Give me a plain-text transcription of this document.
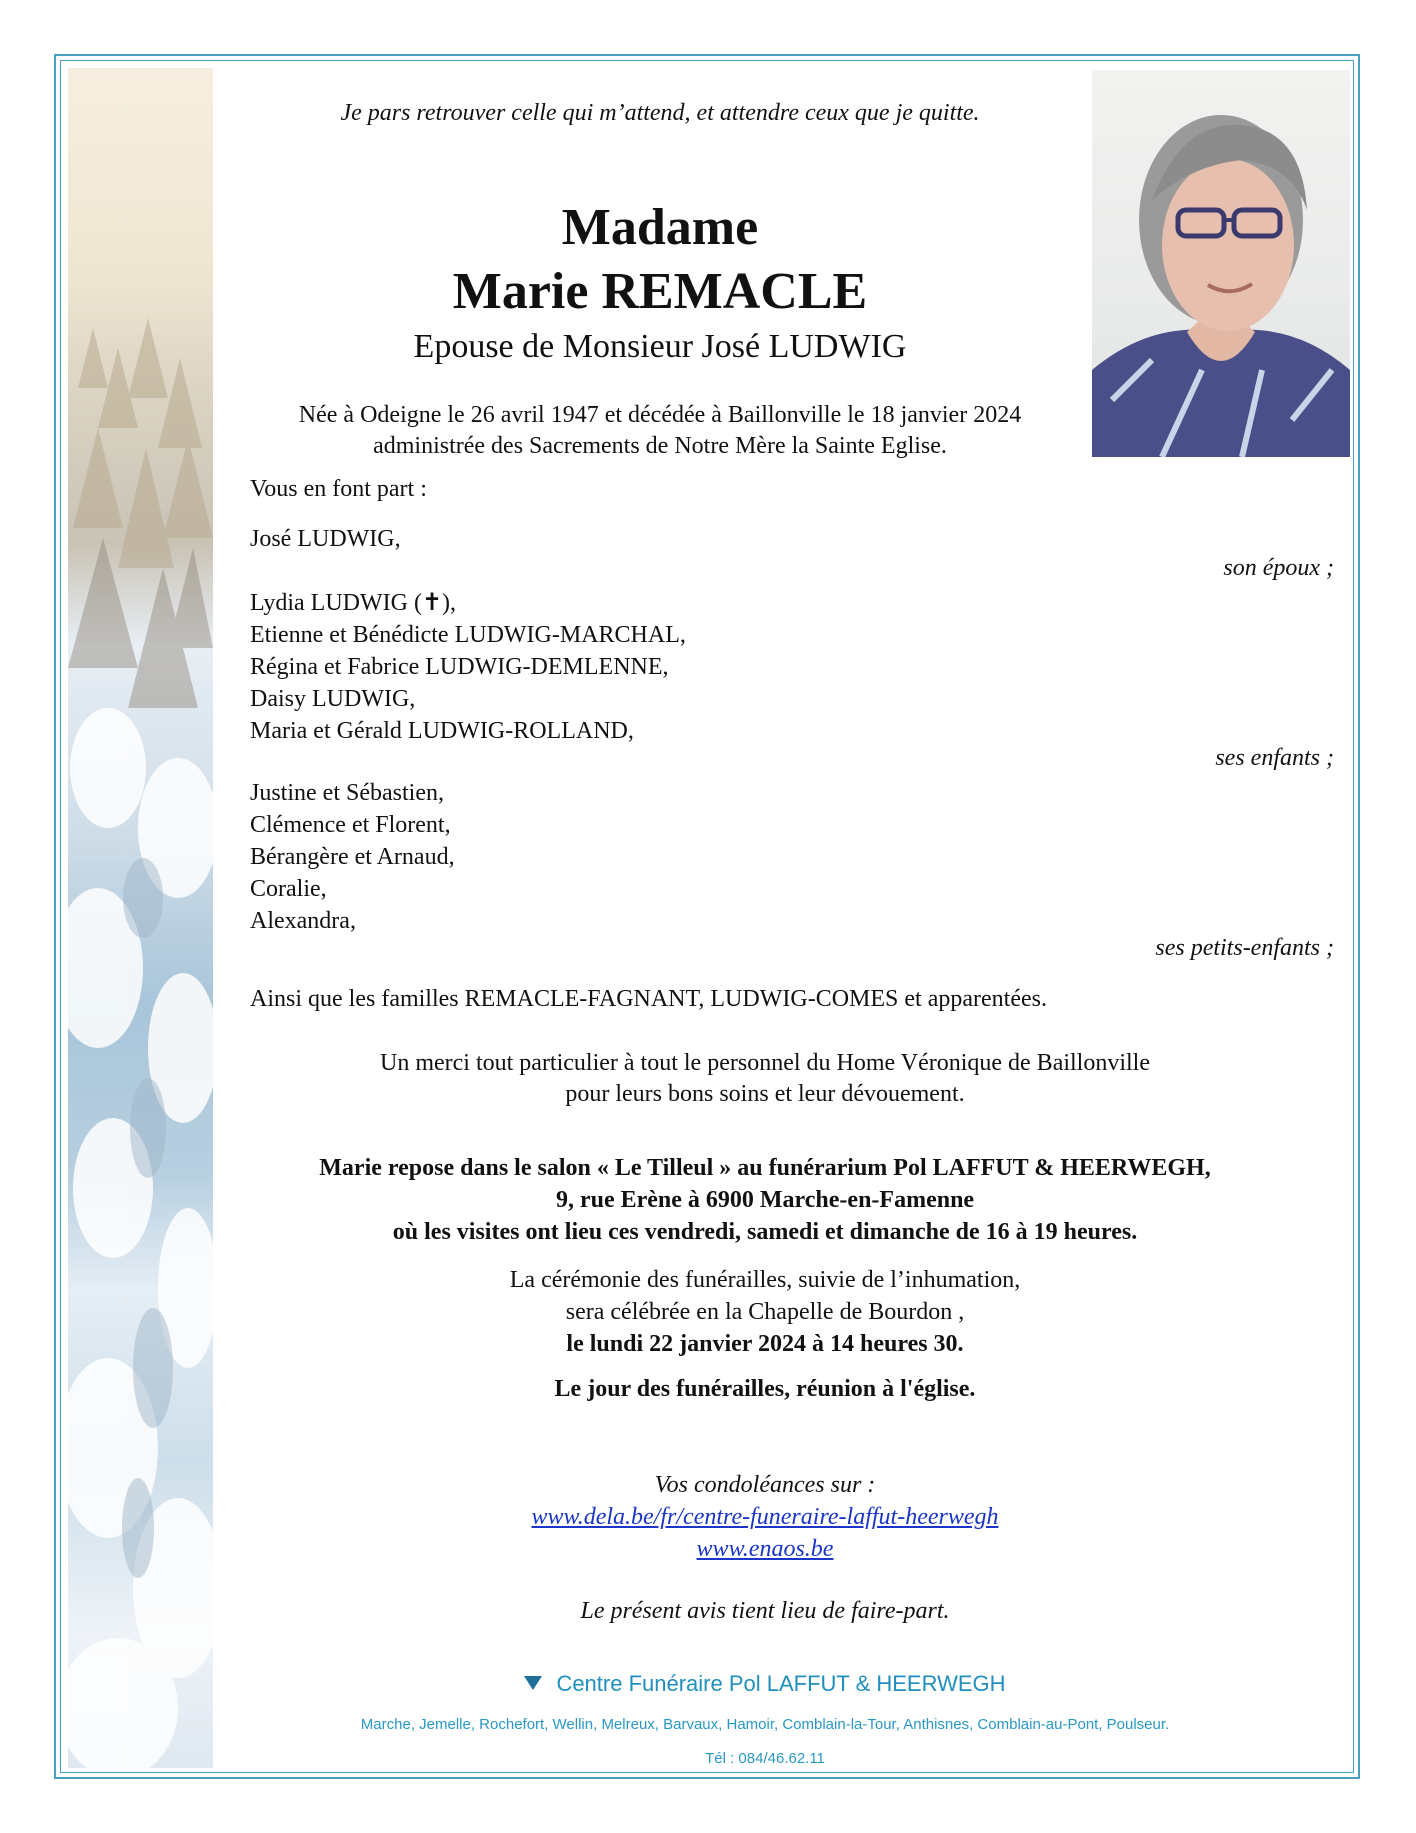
Je pars retrouver celle qui m’attend, et attendre ceux que je quitte.

Madame

Marie REMACLE

Epouse de Monsieur José LUDWIG

Née à Odeigne le 26 avril 1947 et décédée à Baillonville le 18 janvier 2024
administrée des Sacrements de Notre Mère la Sainte Eglise.

Vous en font part :

José LUDWIG,

son époux ;

Lydia LUDWIG (✝),
Etienne et Bénédicte LUDWIG-MARCHAL,
Régina et Fabrice LUDWIG-DEMLENNE,
Daisy LUDWIG,
Maria et Gérald LUDWIG-ROLLAND,

ses enfants ;

Justine et Sébastien,
Clémence et Florent,
Bérangère et Arnaud,
Coralie,
Alexandra,

ses petits-enfants ;

Ainsi que les familles REMACLE-FAGNANT, LUDWIG-COMES et apparentées.

Un merci tout particulier à tout le personnel du Home Véronique de Baillonville
pour leurs bons soins et leur dévouement.
Marie repose dans le salon « Le Tilleul » au funérarium Pol LAFFUT & HEERWEGH,
9, rue Erène à 6900 Marche-en-Famenne
où les visites ont lieu ces vendredi, samedi et dimanche de 16 à 19 heures.
La cérémonie des funérailles, suivie de l’inhumation,
sera célébrée en la Chapelle de Bourdon ,
le lundi 22 janvier 2024 à 14 heures 30.

Le jour des funérailles, réunion à l'église.

Vos condoléances sur :
www.dela.be/fr/centre-funeraire-laffut-heerwegh
www.enaos.be

Le présent avis tient lieu de faire-part.

Centre Funéraire Pol LAFFUT & HEERWEGH

Marche, Jemelle, Rochefort, Wellin, Melreux, Barvaux, Hamoir, Comblain-la-Tour, Anthisnes, Comblain-au-Pont, Poulseur.

Tél : 084/46.62.11
